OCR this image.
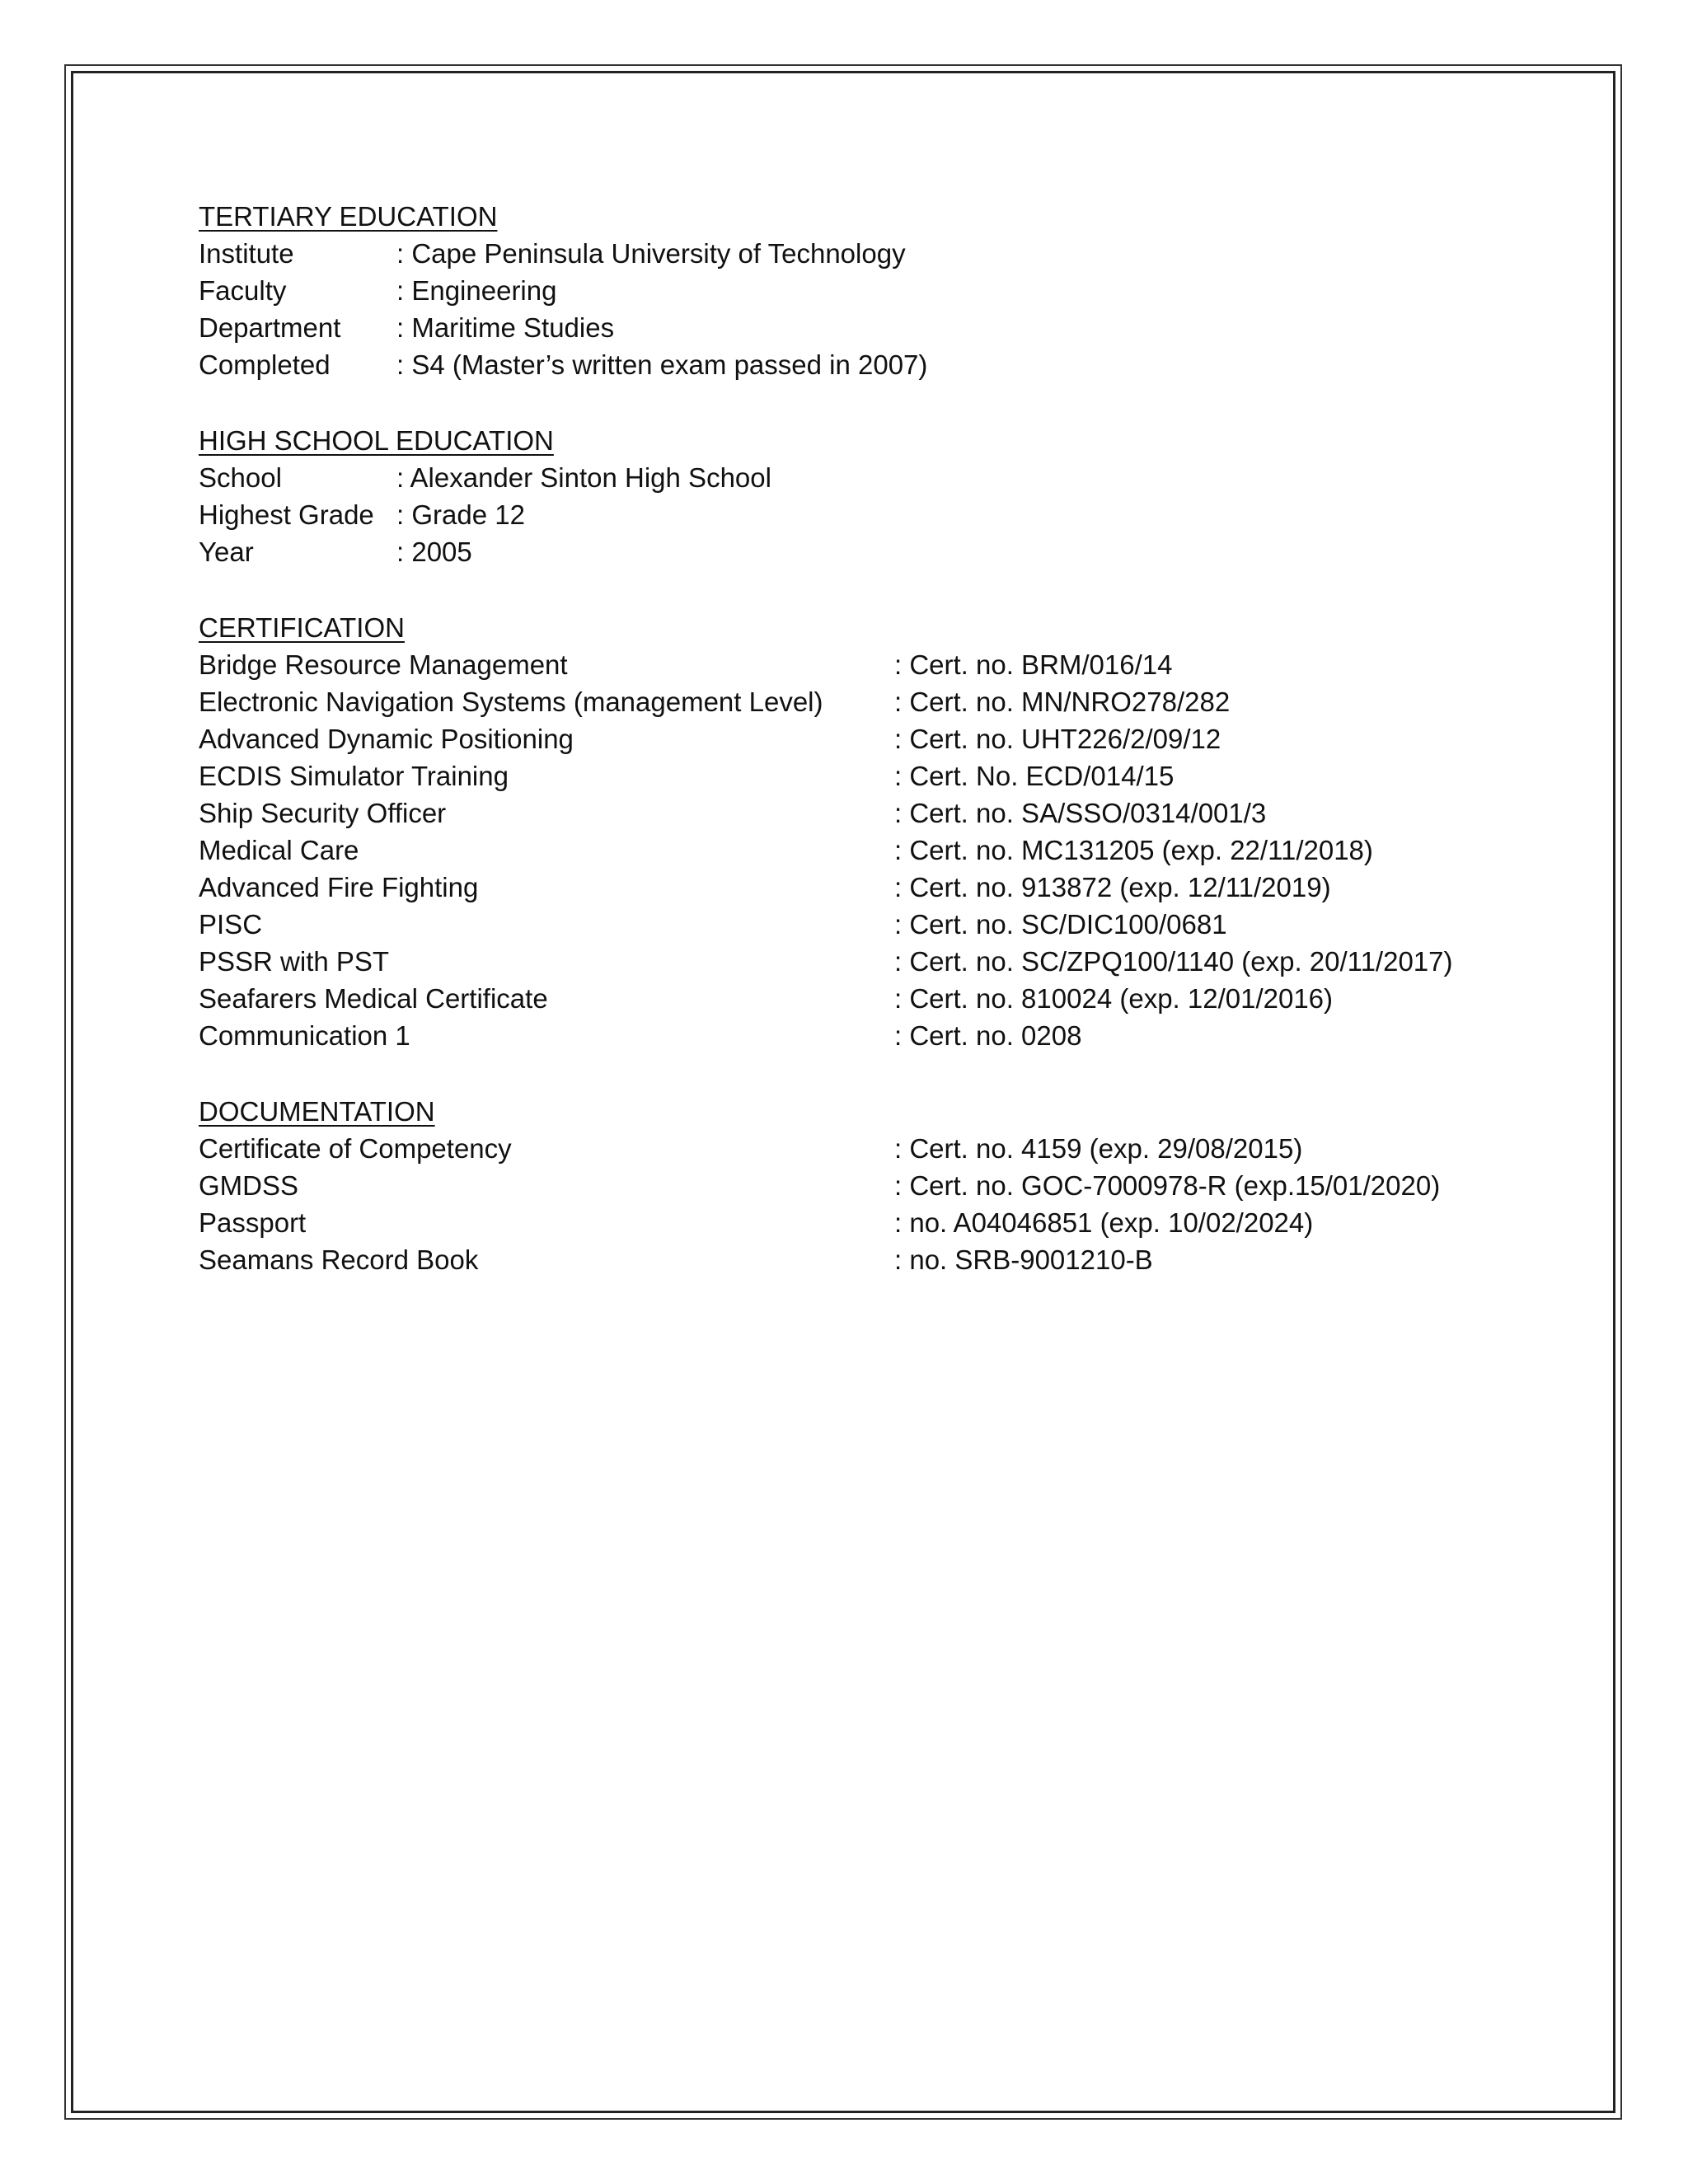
TERTIARY EDUCATION
Institute	: Cape Peninsula University of Technology
Faculty	: Engineering
Department	: Maritime Studies
Completed	: S4 (Master’s written exam passed in 2007)
HIGH SCHOOL EDUCATION
School	: Alexander Sinton High School
Highest Grade : Grade 12
Year	: 2005
CERTIFICATION
Bridge Resource Management	: Cert. no. BRM/016/14
Electronic Navigation Systems (management Level)	: Cert. no. MN/NRO278/282
Advanced Dynamic Positioning	: Cert. no. UHT226/2/09/12
ECDIS Simulator Training	: Cert. No. ECD/014/15
Ship Security Officer	: Cert. no. SA/SSO/0314/001/3
Medical Care	: Cert. no. MC131205 (exp. 22/11/2018)
Advanced Fire Fighting	: Cert. no. 913872 (exp. 12/11/2019)
PISC	: Cert. no. SC/DIC100/0681
PSSR with PST	: Cert. no. SC/ZPQ100/1140 (exp. 20/11/2017)
Seafarers Medical Certificate	: Cert. no. 810024 (exp. 12/01/2016)
Communication 1	: Cert. no. 0208
DOCUMENTATION
Certificate of Competency	: Cert. no. 4159 (exp. 29/08/2015)
GMDSS	: Cert. no. GOC-7000978-R (exp.15/01/2020)
Passport	: no. A04046851 (exp. 10/02/2024)
Seamans Record Book	: no. SRB-9001210-B
